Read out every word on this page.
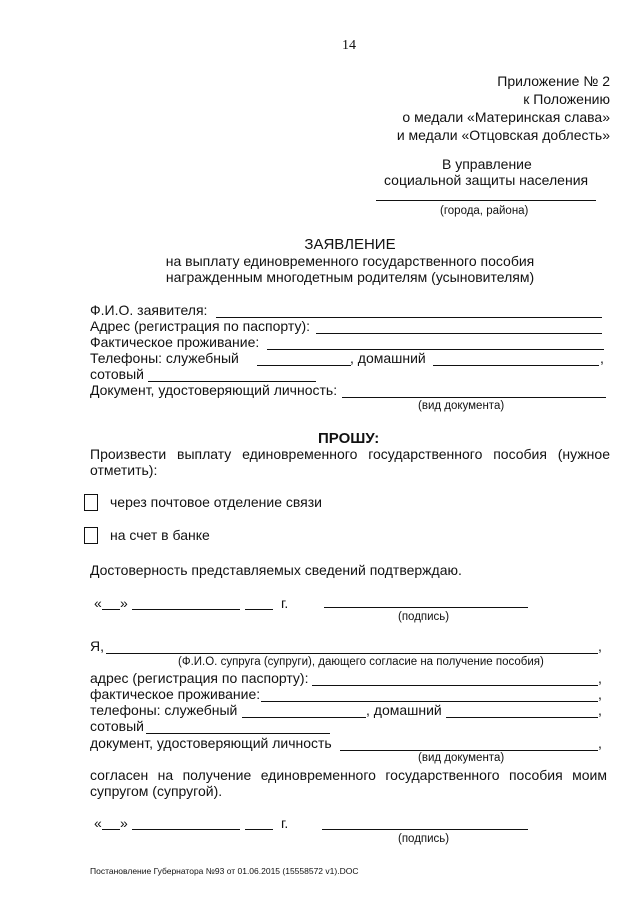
14
Приложение № 2
к Положению
о медали «Материнская слава»
и медали «Отцовская доблесть»
В управление
социальной защиты населения
(города, района)
ЗАЯВЛЕНИЕ
на выплату единовременного государственного пособия
награжденным многодетным родителям (усыновителям)
Ф.И.О. заявителя:
Адрес (регистрация по паспорту):
Фактическое проживание:
Телефоны: служебный	, домашний	,
сотовый
Документ, удостоверяющий личность:
(вид документа)
ПРОШУ:
Произвести выплату единовременного государственного пособия (нужное
отметить):
через почтовое отделение связи
на счет в банке
Достоверность представляемых сведений подтверждаю.
« »	г.
(подпись)
Я,	,
(Ф.И.О. супруга (супруги), дающего согласие на получение пособия)
адрес (регистрация по паспорту):	,
фактическое проживание:	,
телефоны: служебный	, домашний	,
сотовый
документ, удостоверяющий личность	,
(вид документа)
согласен на получение единовременного государственного пособия моим
супругом (супругой).
« »	г.
(подпись)
Постановление Губернатора №93 от 01.06.2015 (15558572 v1).DOC
